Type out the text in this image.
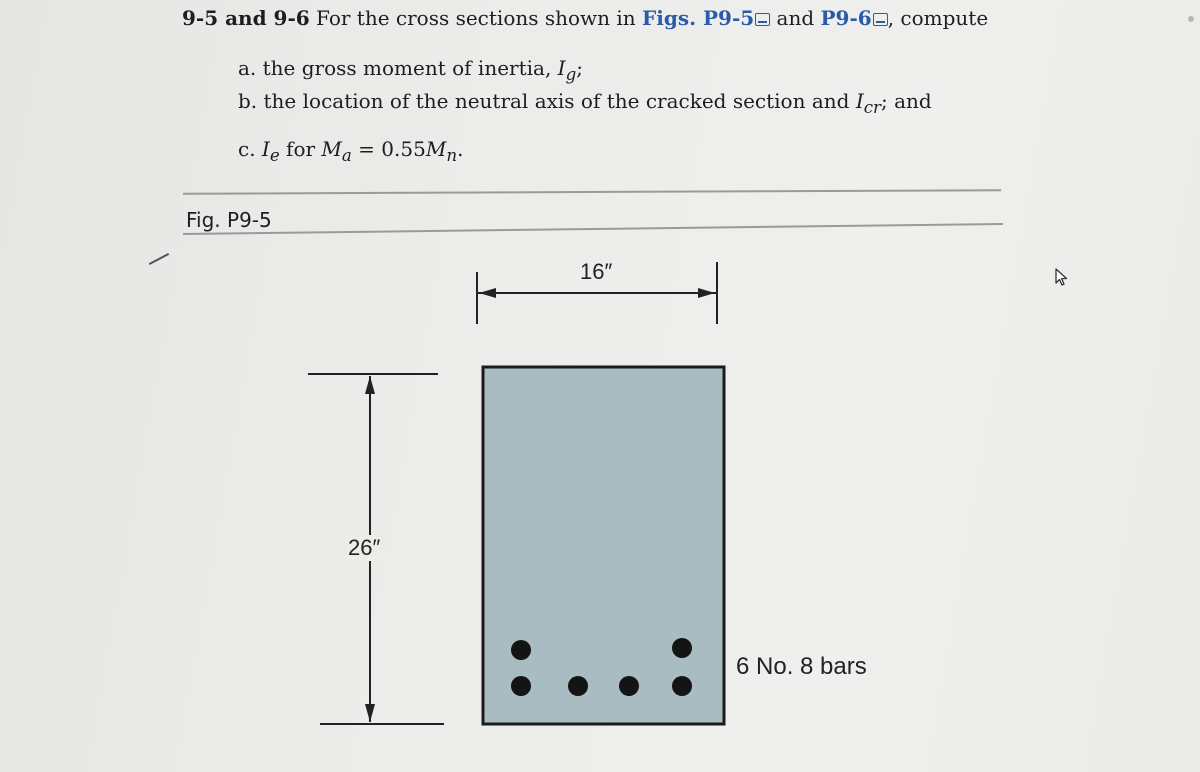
9-5 and 9-6 For the cross sections shown in Figs. P9-5 and P9-6 , compute
a. the gross moment of inertia, $I_g$;
b. the location of the neutral axis of the cracked section and $I_{cr}$; and
c. $I_e$ for $M_a = 0.55M_n$.
Fig. P9-5
16″
26″
6 No. 8 bars
